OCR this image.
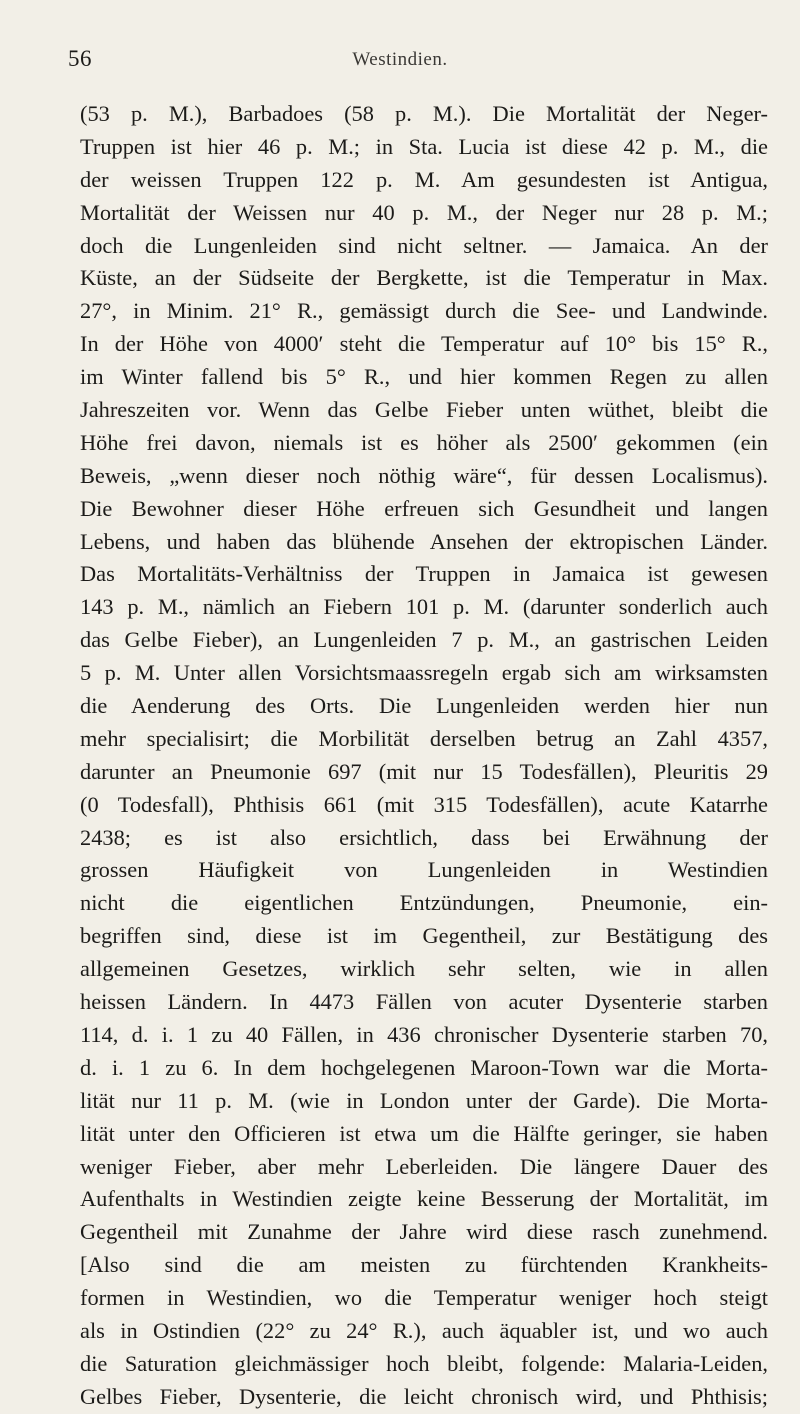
56	Westindien.
(53 p. M.), Barbadoes (58 p. M.). Die Mortalität der Neger-
Truppen ist hier 46 p. M.; in Sta. Lucia ist diese 42 p. M., die
der weissen Truppen 122 p. M. Am gesundesten ist Antigua,
Mortalität der Weissen nur 40 p. M., der Neger nur 28 p. M.;
doch die Lungenleiden sind nicht seltner. — Jamaica. An der
Küste, an der Südseite der Bergkette, ist die Temperatur in Max.
27°, in Minim. 21° R., gemässigt durch die See- und Landwinde.
In der Höhe von 4000′ steht die Temperatur auf 10° bis 15° R.,
im Winter fallend bis 5° R., und hier kommen Regen zu allen
Jahreszeiten vor. Wenn das Gelbe Fieber unten wüthet, bleibt die
Höhe frei davon, niemals ist es höher als 2500′ gekommen (ein
Beweis, „wenn dieser noch nöthig wäre“, für dessen Localismus).
Die Bewohner dieser Höhe erfreuen sich Gesundheit und langen
Lebens, und haben das blühende Ansehen der ektropischen Länder.
Das Mortalitäts-Verhältniss der Truppen in Jamaica ist gewesen
143 p. M., nämlich an Fiebern 101 p. M. (darunter sonderlich auch
das Gelbe Fieber), an Lungenleiden 7 p. M., an gastrischen Leiden
5 p. M. Unter allen Vorsichtsmaassregeln ergab sich am wirksamsten
die Aenderung des Orts. Die Lungenleiden werden hier nun
mehr specialisirt; die Morbilität derselben betrug an Zahl 4357,
darunter an Pneumonie 697 (mit nur 15 Todesfällen), Pleuritis 29
(0 Todesfall), Phthisis 661 (mit 315 Todesfällen), acute Katarrhe
2438; es ist also ersichtlich, dass bei Erwähnung der
grossen Häufigkeit von Lungenleiden in Westindien
nicht die eigentlichen Entzündungen, Pneumonie, ein-
begriffen sind, diese ist im Gegentheil, zur Bestätigung des
allgemeinen Gesetzes, wirklich sehr selten, wie in allen
heissen Ländern. In 4473 Fällen von acuter Dysenterie starben
114, d. i. 1 zu 40 Fällen, in 436 chronischer Dysenterie starben 70,
d. i. 1 zu 6. In dem hochgelegenen Maroon-Town war die Morta-
lität nur 11 p. M. (wie in London unter der Garde). Die Morta-
lität unter den Officieren ist etwa um die Hälfte geringer, sie haben
weniger Fieber, aber mehr Leberleiden. Die längere Dauer des
Aufenthalts in Westindien zeigte keine Besserung der Mortalität, im
Gegentheil mit Zunahme der Jahre wird diese rasch zunehmend.
[Also sind die am meisten zu fürchtenden Krankheits-
formen in Westindien, wo die Temperatur weniger hoch steigt
als in Ostindien (22° zu 24° R.), auch äquabler ist, und wo auch
die Saturation gleichmässiger hoch bleibt, folgende: Malaria-Leiden,
Gelbes Fieber, Dysenterie, die leicht chronisch wird, und Phthisis;
